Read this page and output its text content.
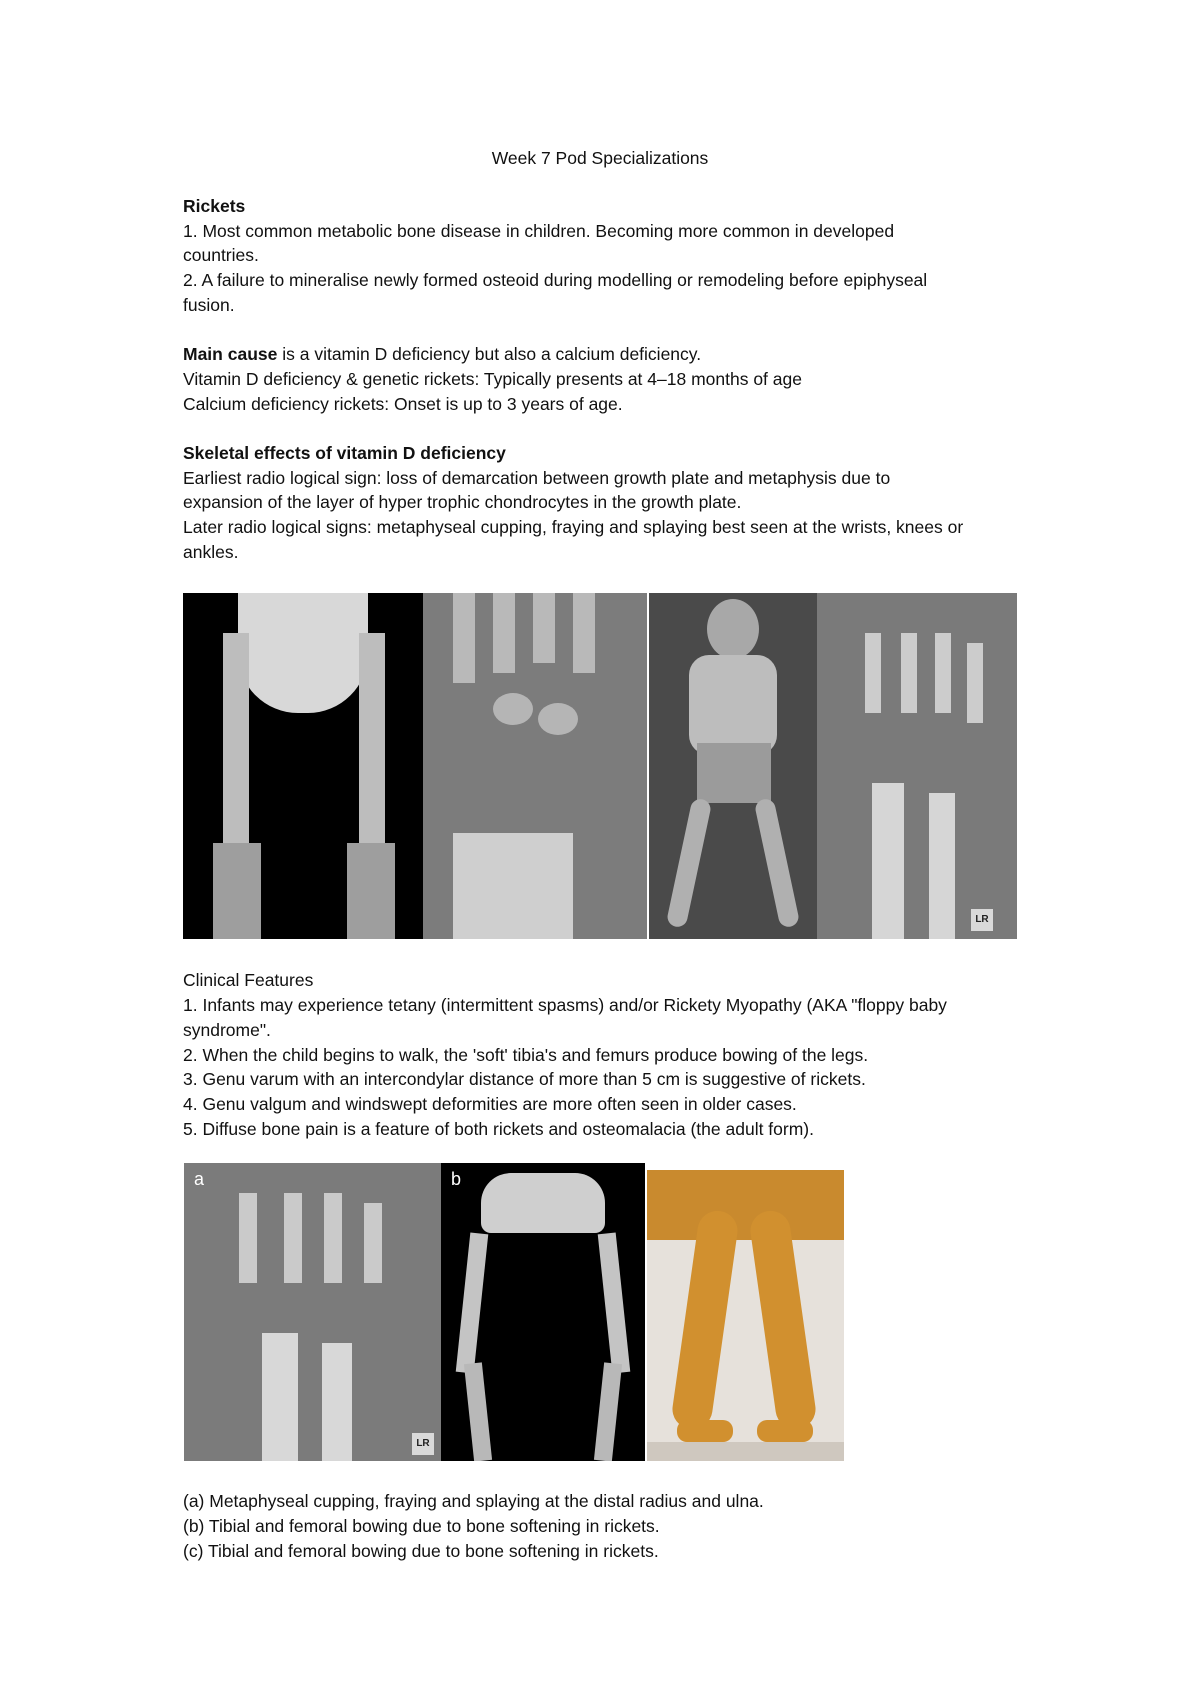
Week 7 Pod Specializations
Rickets
1. Most common metabolic bone disease in children. Becoming more common in developed
countries.
2. A failure to mineralise newly formed osteoid during modelling or remodeling before epiphyseal
fusion.
Main cause is a vitamin D deficiency but also a calcium deficiency.
Vitamin D deficiency & genetic rickets: Typically presents at 4–18 months of age
Calcium deficiency rickets: Onset is up to 3 years of age.
Skeletal effects of vitamin D deficiency
Earliest radio logical sign: loss of demarcation between growth plate and metaphysis due to
expansion of the layer of hyper trophic chondrocytes in the growth plate.
Later radio logical signs: metaphyseal cupping, fraying and splaying best seen at the wrists, knees or
ankles.
LR
Clinical Features
1. Infants may experience tetany (intermittent spasms) and/or Rickety Myopathy (AKA "floppy baby
syndrome".
2. When the child begins to walk, the 'soft' tibia's and femurs produce bowing of the legs.
3. Genu varum with an intercondylar distance of more than 5 cm is suggestive of rickets.
4. Genu valgum and windswept deformities are more often seen in older cases.
5. Diffuse bone pain is a feature of both rickets and osteomalacia (the adult form).
a
LR
b
(a) Metaphyseal cupping, fraying and splaying at the distal radius and ulna.
(b) Tibial and femoral bowing due to bone softening in rickets.
(c) Tibial and femoral bowing due to bone softening in rickets.
